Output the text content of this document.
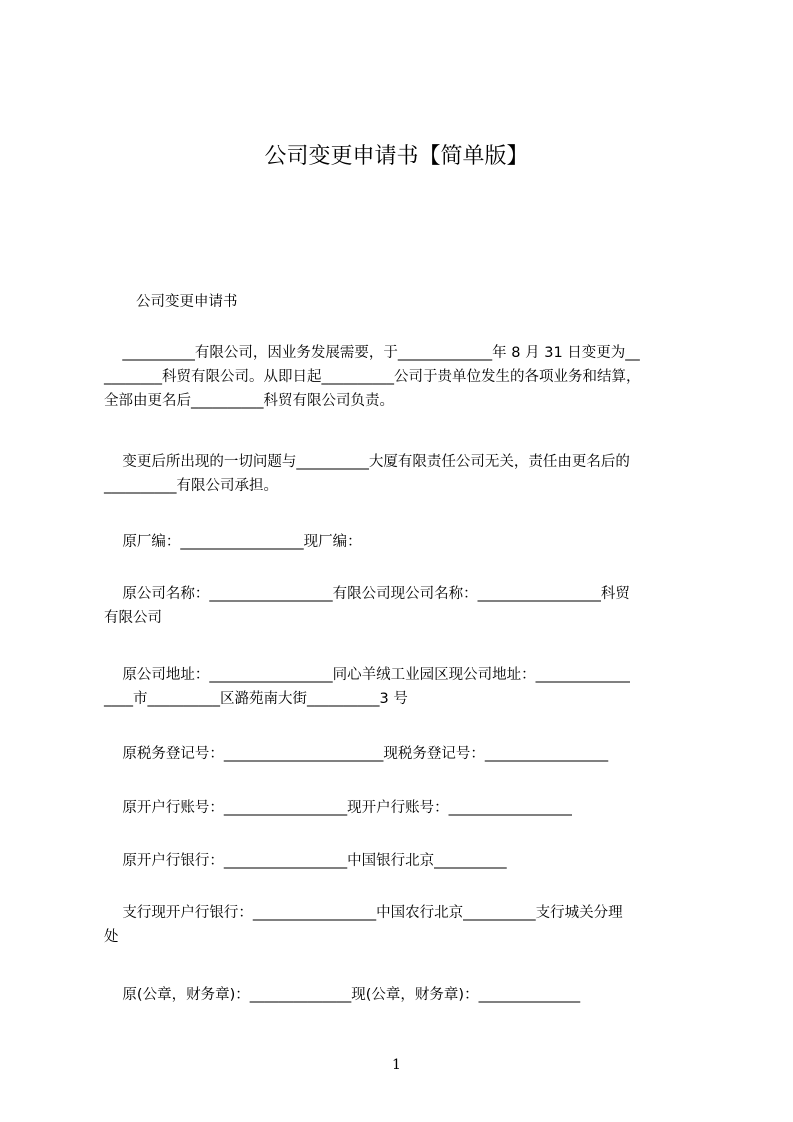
公司变更申请书【简单版】

公司变更申请书

__________有限公司，因业务发展需要，于_____________年 8 月 31 日变更为__
________科贸有限公司。从即日起__________公司于贵单位发生的各项业务和结算，
全部由更名后__________科贸有限公司负责。

变更后所出现的一切问题与__________大厦有限责任公司无关，责任由更名后的
__________有限公司承担。

原厂编：_________________现厂编：

原公司名称：_________________有限公司现公司名称：_________________科贸
有限公司

原公司地址：_________________同心羊绒工业园区现公司地址：_____________
____市__________区潞苑南大街__________3 号

原税务登记号：______________________现税务登记号：_________________

原开户行账号：_________________现开户行账号：_________________

原开户行银行：_________________中国银行北京__________

支行现开户行银行：_________________中国农行北京__________支行城关分理
处

原(公章，财务章)：______________现(公章，财务章)：______________

1
